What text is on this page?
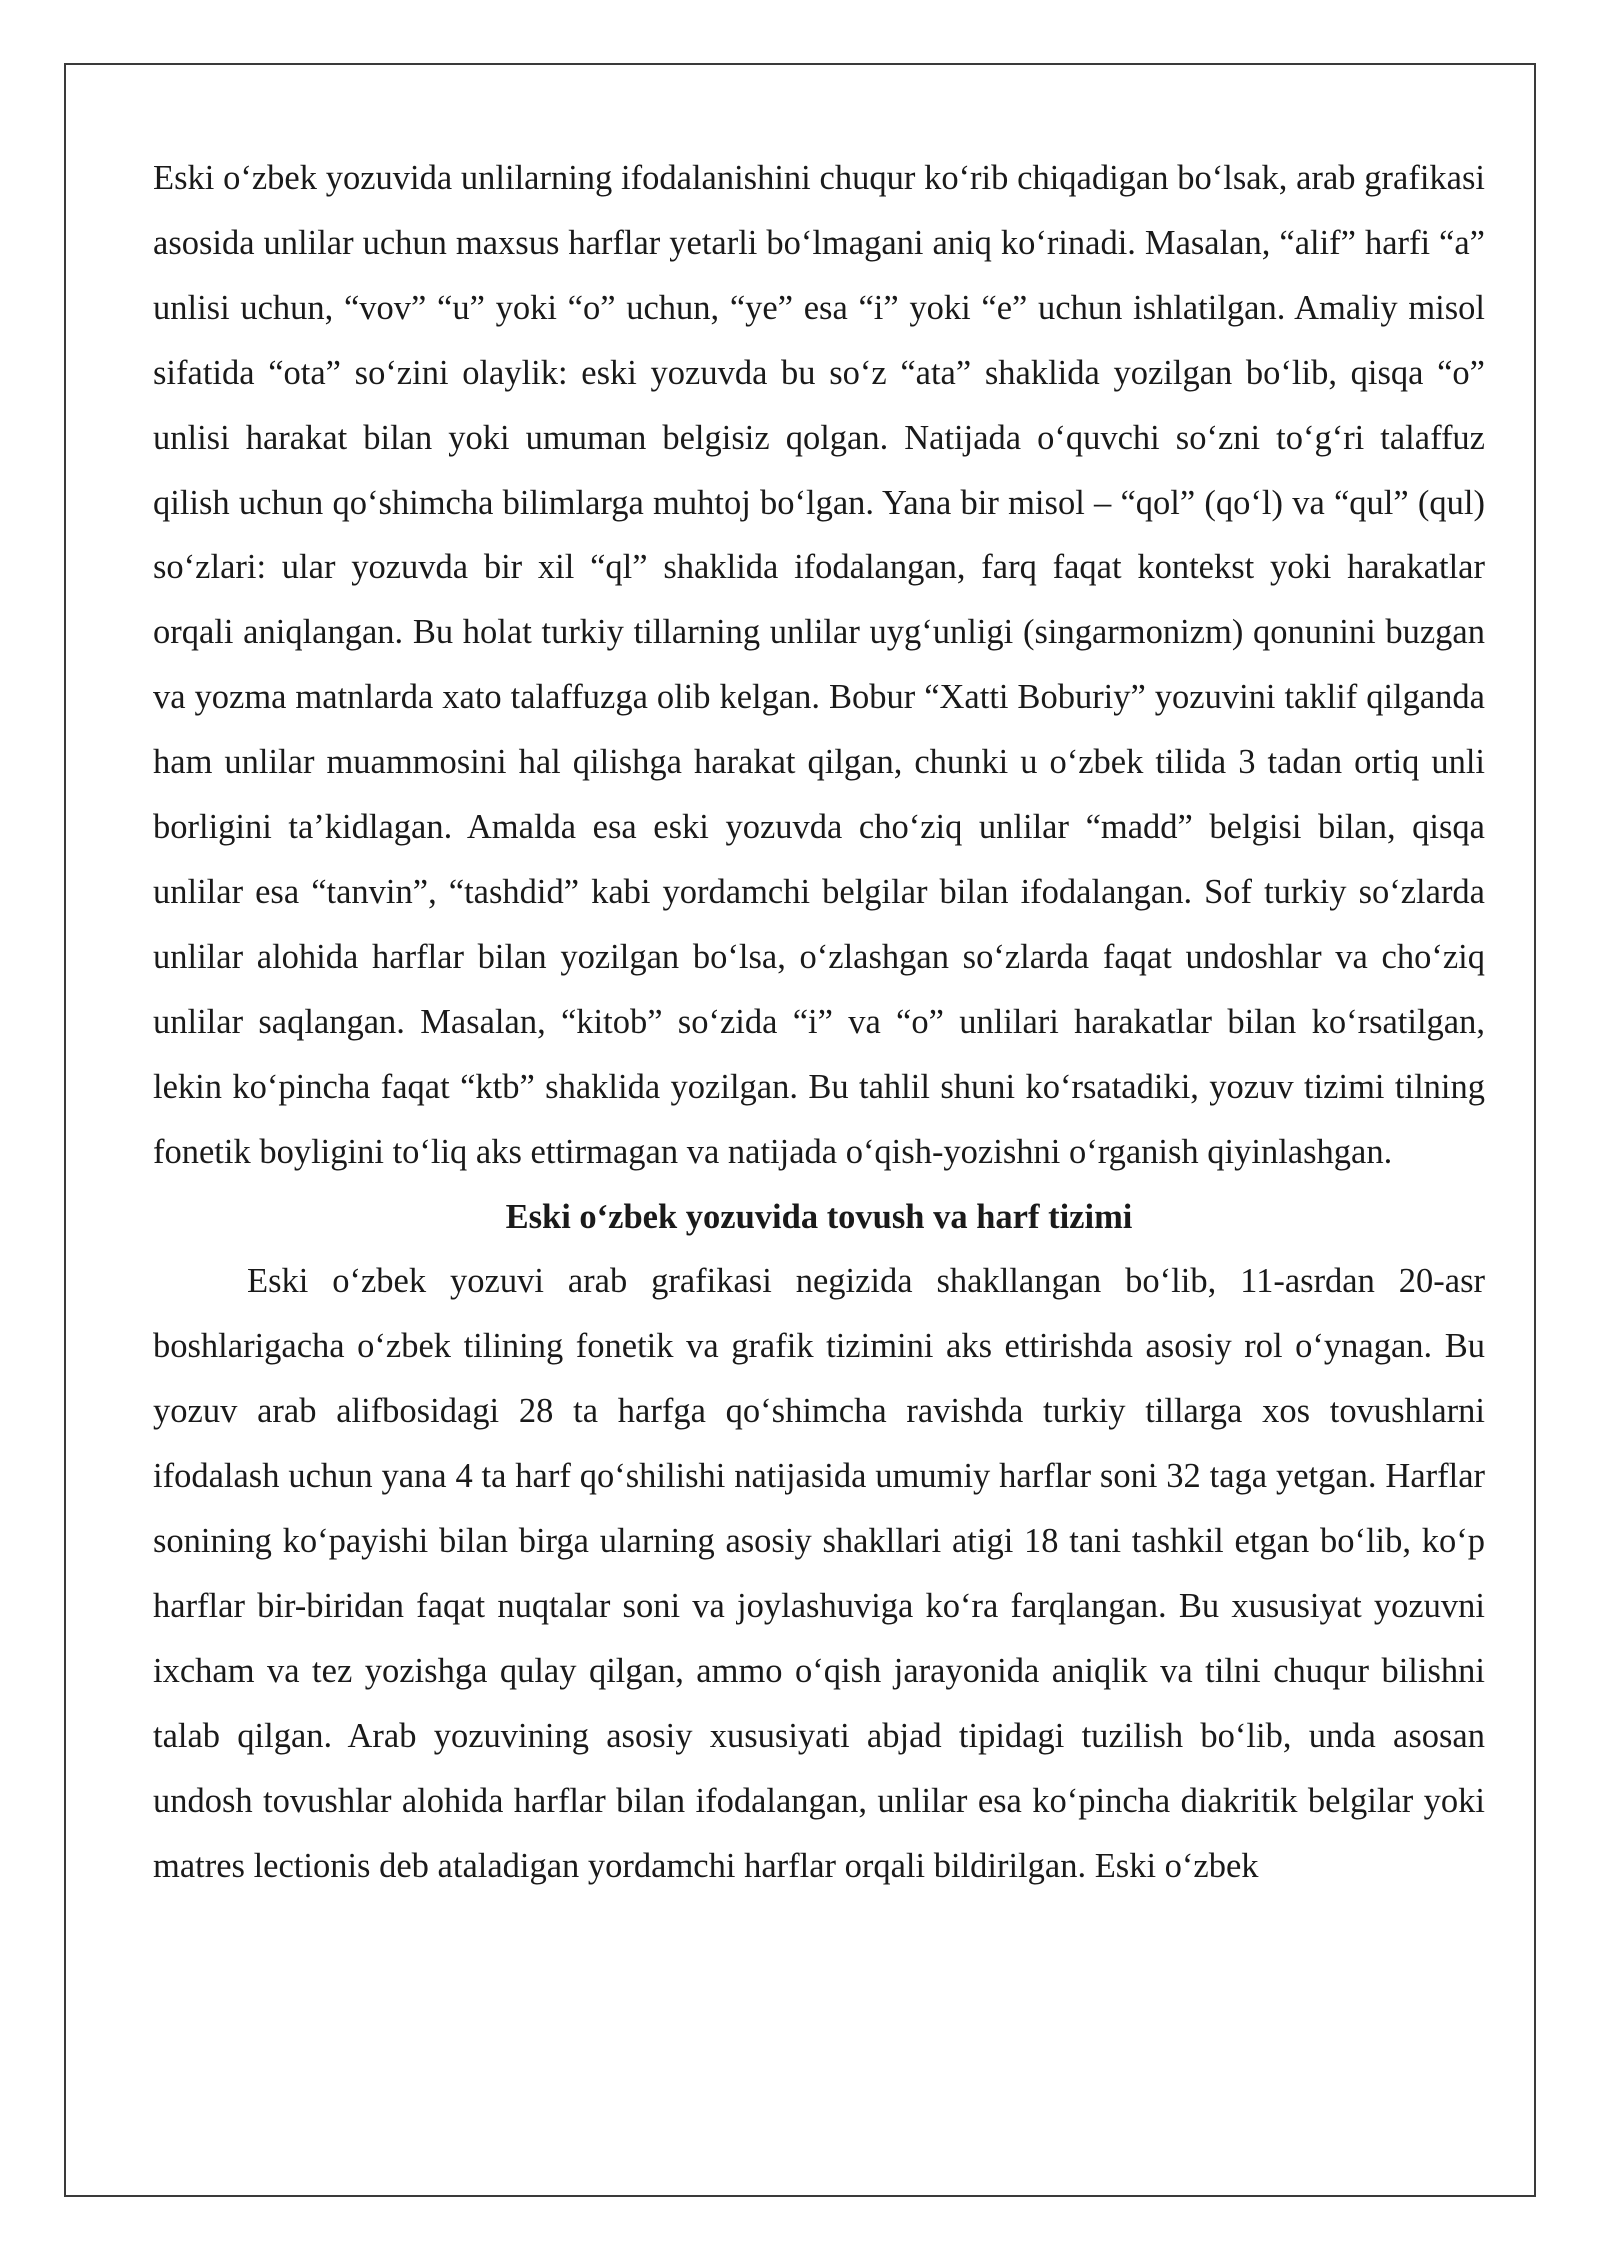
Eski o‘zbek yozuvida unlilarning ifodalanishini chuqur ko‘rib chiqadigan bo‘lsak, arab grafikasi asosida unlilar uchun maxsus harflar yetarli bo‘lmagani aniq ko‘rinadi. Masalan, “alif” harfi “a” unlisi uchun, “vov” “u” yoki “o” uchun, “ye” esa “i” yoki “e” uchun ishlatilgan. Amaliy misol sifatida “ota” so‘zini olaylik: eski yozuvda bu so‘z “ata” shaklida yozilgan bo‘lib, qisqa “o” unlisi harakat bilan yoki umuman belgisiz qolgan. Natijada o‘quvchi so‘zni to‘g‘ri talaffuz qilish uchun qo‘shimcha bilimlarga muhtoj bo‘lgan. Yana bir misol – “qol” (qo‘l) va “qul” (qul) so‘zlari: ular yozuvda bir xil “ql” shaklida ifodalangan, farq faqat kontekst yoki harakatlar orqali aniqlangan. Bu holat turkiy tillarning unlilar uyg‘unligi (singarmonizm) qonunini buzgan va yozma matnlarda xato talaffuzga olib kelgan. Bobur “Xatti Boburiy” yozuvini taklif qilganda ham unlilar muammosini hal qilishga harakat qilgan, chunki u o‘zbek tilida 3 tadan ortiq unli borligini ta’kidlagan. Amalda esa eski yozuvda cho‘ziq unlilar “madd” belgisi bilan, qisqa unlilar esa “tanvin”, “tashdid” kabi yordamchi belgilar bilan ifodalangan. Sof turkiy so‘zlarda unlilar alohida harflar bilan yozilgan bo‘lsa, o‘zlashgan so‘zlarda faqat undoshlar va cho‘ziq unlilar saqlangan. Masalan, “kitob” so‘zida “i” va “o” unlilari harakatlar bilan ko‘rsatilgan, lekin ko‘pincha faqat “ktb” shaklida yozilgan. Bu tahlil shuni ko‘rsatadiki, yozuv tizimi tilning fonetik boyligini to‘liq aks ettirmagan va natijada o‘qish-yozishni o‘rganish qiyinlashgan.

Eski o‘zbek yozuvida tovush va harf tizimi

Eski o‘zbek yozuvi arab grafikasi negizida shakllangan bo‘lib, 11-asrdan 20-asr boshlarigacha o‘zbek tilining fonetik va grafik tizimini aks ettirishda asosiy rol o‘ynagan. Bu yozuv arab alifbosidagi 28 ta harfga qo‘shimcha ravishda turkiy tillarga xos tovushlarni ifodalash uchun yana 4 ta harf qo‘shilishi natijasida umumiy harflar soni 32 taga yetgan. Harflar sonining ko‘payishi bilan birga ularning asosiy shakllari atigi 18 tani tashkil etgan bo‘lib, ko‘p harflar bir-biridan faqat nuqtalar soni va joylashuviga ko‘ra farqlangan. Bu xususiyat yozuvni ixcham va tez yozishga qulay qilgan, ammo o‘qish jarayonida aniqlik va tilni chuqur bilishni talab qilgan. Arab yozuvining asosiy xususiyati abjad tipidagi tuzilish bo‘lib, unda asosan undosh tovushlar alohida harflar bilan ifodalangan, unlilar esa ko‘pincha diakritik belgilar yoki matres lectionis deb ataladigan yordamchi harflar orqali bildirilgan. Eski o‘zbek
